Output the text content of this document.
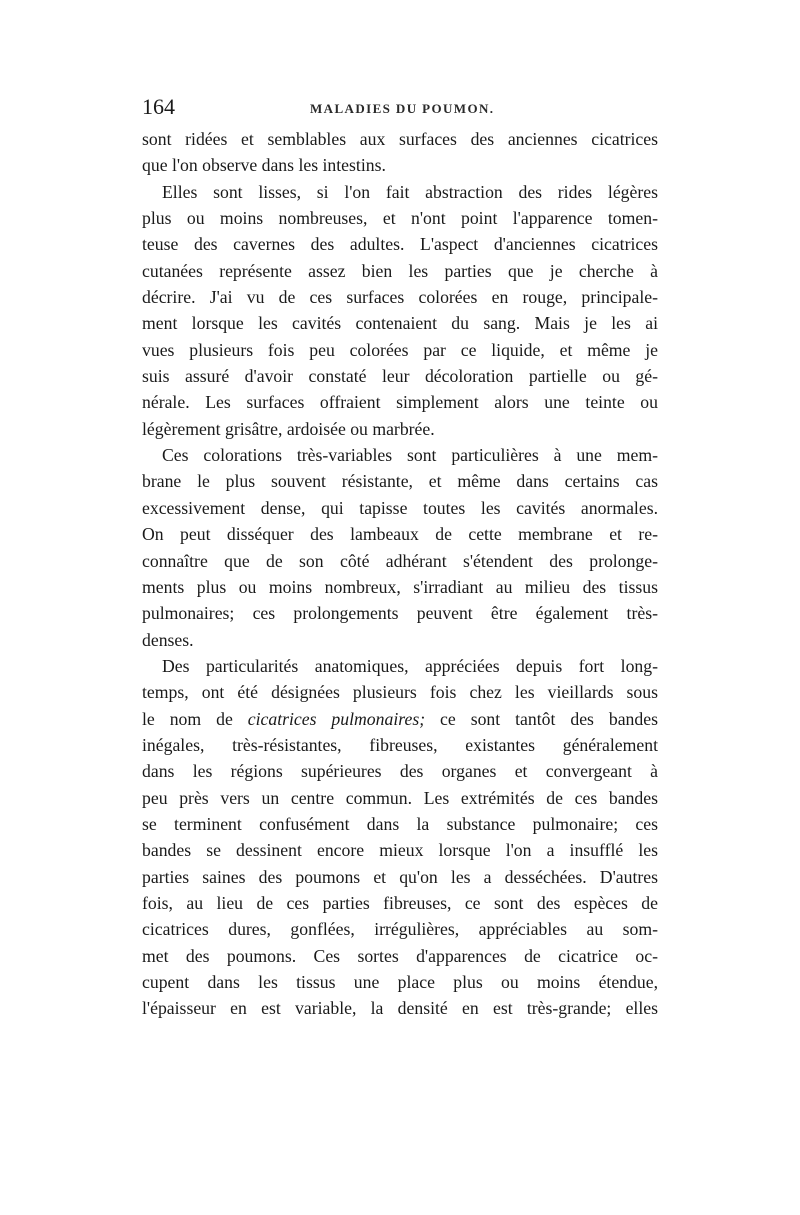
164	MALADIES DU POUMON.
sont ridées et semblables aux surfaces des anciennes cicatrices
que l'on observe dans les intestins.
Elles sont lisses, si l'on fait abstraction des rides légères
plus ou moins nombreuses, et n'ont point l'apparence tomen-
teuse des cavernes des adultes. L'aspect d'anciennes cicatrices
cutanées représente assez bien les parties que je cherche à
décrire. J'ai vu de ces surfaces colorées en rouge, principale-
ment lorsque les cavités contenaient du sang. Mais je les ai
vues plusieurs fois peu colorées par ce liquide, et même je
suis assuré d'avoir constaté leur décoloration partielle ou gé-
nérale. Les surfaces offraient simplement alors une teinte ou
légèrement grisâtre, ardoisée ou marbrée.
Ces colorations très-variables sont particulières à une mem-
brane le plus souvent résistante, et même dans certains cas
excessivement dense, qui tapisse toutes les cavités anormales.
On peut disséquer des lambeaux de cette membrane et re-
connaître que de son côté adhérant s'étendent des prolonge-
ments plus ou moins nombreux, s'irradiant au milieu des tissus
pulmonaires; ces prolongements peuvent être également très-
denses.
Des particularités anatomiques, appréciées depuis fort long-
temps, ont été désignées plusieurs fois chez les vieillards sous
le nom de cicatrices pulmonaires; ce sont tantôt des bandes
inégales, très-résistantes, fibreuses, existantes généralement
dans les régions supérieures des organes et convergeant à
peu près vers un centre commun. Les extrémités de ces bandes
se terminent confusément dans la substance pulmonaire; ces
bandes se dessinent encore mieux lorsque l'on a insufflé les
parties saines des poumons et qu'on les a desséchées. D'autres
fois, au lieu de ces parties fibreuses, ce sont des espèces de
cicatrices dures, gonflées, irrégulières, appréciables au som-
met des poumons. Ces sortes d'apparences de cicatrice oc-
cupent dans les tissus une place plus ou moins étendue,
l'épaisseur en est variable, la densité en est très-grande; elles
